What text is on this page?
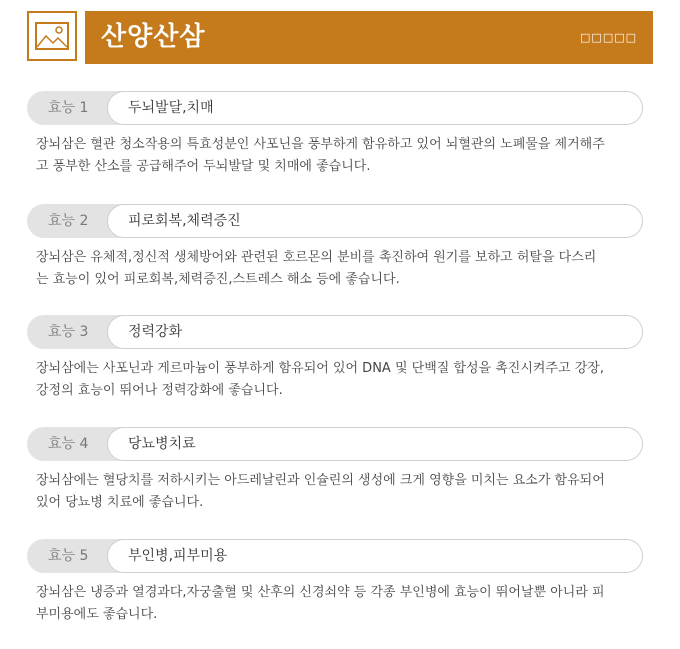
산양산삼	□□□□□
효능 1	두뇌발달,치매

장뇌삼은 혈관 청소작용의 특효성분인 사포닌을 풍부하게 함유하고 있어 뇌혈관의 노폐물을 제거해주
고 풍부한 산소를 공급해주어 두뇌발달 및 치매에 좋습니다.

효능 2	피로회복,체력증진

장뇌삼은 유체적,정신적 생체방어와 관련된 호르몬의 분비를 촉진하여 원기를 보하고 허탈을 다스리
는 효능이 있어 피로회복,체력증진,스트레스 해소 등에 좋습니다.

효능 3	정력강화

장뇌삼에는 사포닌과 게르마늄이 풍부하게 함유되어 있어 DNA 및 단백질 합성을 촉진시켜주고 강장,
강정의 효능이 뛰어나 정력강화에 좋습니다.

효능 4	당뇨병치료

장뇌삼에는 혈당치를 저하시키는 아드레날린과 인슐린의 생성에 크게 영향을 미치는 요소가 함유되어
있어 당뇨병 치료에 좋습니다.

효능 5	부인병,피부미용

장뇌삼은 냉증과 열경과다,자궁출혈 및 산후의 신경쇠약 등 각종 부인병에 효능이 뛰어날뿐 아니라 피
부미용에도 좋습니다.
